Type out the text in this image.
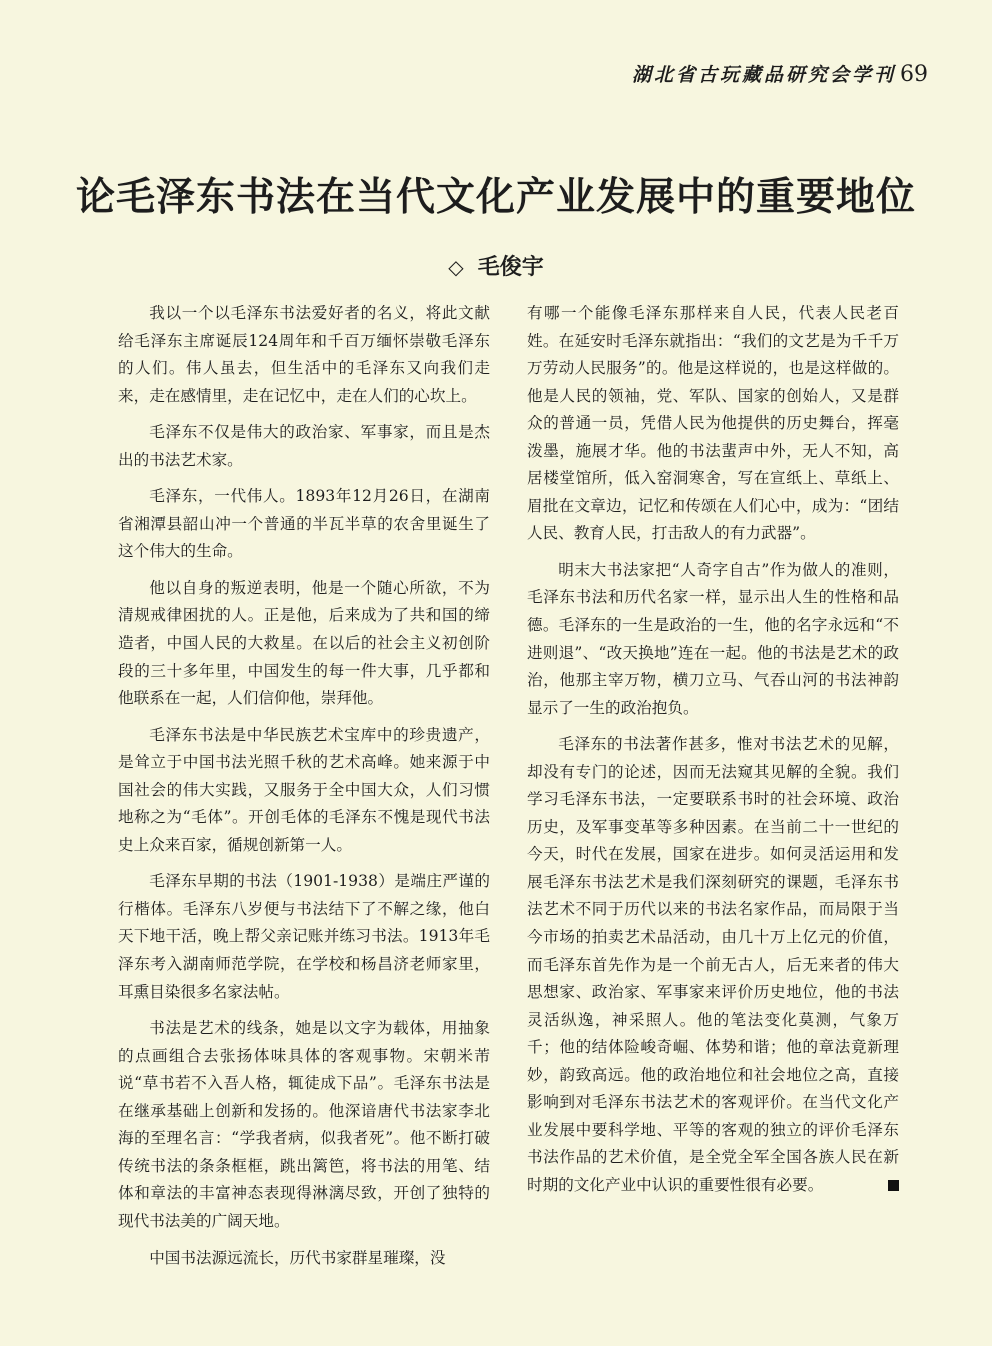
湖北省古玩藏品研究会学刊 69
论毛泽东书法在当代文化产业发展中的重要地位
◇ 毛俊宇

我以一个以毛泽东书法爱好者的名义，将此文献给毛泽东主席诞辰124周年和千百万缅怀崇敬毛泽东的人们。伟人虽去，但生活中的毛泽东又向我们走来，走在感情里，走在记忆中，走在人们的心坎上。

毛泽东不仅是伟大的政治家、军事家，而且是杰出的书法艺术家。

毛泽东，一代伟人。1893年12月26日，在湖南省湘潭县韶山冲一个普通的半瓦半草的农舍里诞生了这个伟大的生命。

他以自身的叛逆表明，他是一个随心所欲，不为清规戒律困扰的人。正是他，后来成为了共和国的缔造者，中国人民的大救星。在以后的社会主义初创阶段的三十多年里，中国发生的每一件大事，几乎都和他联系在一起，人们信仰他，崇拜他。

毛泽东书法是中华民族艺术宝库中的珍贵遗产，是耸立于中国书法光照千秋的艺术高峰。她来源于中国社会的伟大实践，又服务于全中国大众，人们习惯地称之为“毛体”。开创毛体的毛泽东不愧是现代书法史上众来百家，循规创新第一人。

毛泽东早期的书法（1901-1938）是端庄严谨的行楷体。毛泽东八岁便与书法结下了不解之缘，他白天下地干活，晚上帮父亲记账并练习书法。1913年毛泽东考入湖南师范学院，在学校和杨昌济老师家里，耳熏目染很多名家法帖。

书法是艺术的线条，她是以文字为载体，用抽象的点画组合去张扬体味具体的客观事物。宋朝米芾说“草书若不入吾人格，辄徒成下品”。毛泽东书法是在继承基础上创新和发扬的。他深谙唐代书法家李北海的至理名言：“学我者病，似我者死”。他不断打破传统书法的条条框框，跳出篱笆，将书法的用笔、结体和章法的丰富神态表现得淋漓尽致，开创了独特的现代书法美的广阔天地。

中国书法源远流长，历代书家群星璀璨，没

有哪一个能像毛泽东那样来自人民，代表人民老百姓。在延安时毛泽东就指出：“我们的文艺是为千千万万劳动人民服务”的。他是这样说的，也是这样做的。他是人民的领袖，党、军队、国家的创始人，又是群众的普通一员，凭借人民为他提供的历史舞台，挥毫泼墨，施展才华。他的书法蜚声中外，无人不知，高居楼堂馆所，低入窑洞寒舍，写在宣纸上、草纸上、眉批在文章边，记忆和传颂在人们心中，成为：“团结人民、教育人民，打击敌人的有力武器”。

明末大书法家把“人奇字自古”作为做人的准则，毛泽东书法和历代名家一样，显示出人生的性格和品德。毛泽东的一生是政治的一生，他的名字永远和“不进则退”、“改天换地”连在一起。他的书法是艺术的政治，他那主宰万物，横刀立马、气吞山河的书法神韵显示了一生的政治抱负。

毛泽东的书法著作甚多，惟对书法艺术的见解，却没有专门的论述，因而无法窥其见解的全貌。我们学习毛泽东书法，一定要联系书时的社会环境、政治历史，及军事变革等多种因素。在当前二十一世纪的今天，时代在发展，国家在进步。如何灵活运用和发展毛泽东书法艺术是我们深刻研究的课题，毛泽东书法艺术不同于历代以来的书法名家作品，而局限于当今市场的拍卖艺术品活动，由几十万上亿元的价值，而毛泽东首先作为是一个前无古人，后无来者的伟大思想家、政治家、军事家来评价历史地位，他的书法灵活纵逸，神采照人。他的笔法变化莫测，气象万千；他的结体险峻奇崛、体势和谐；他的章法竟新理妙，韵致高远。他的政治地位和社会地位之高，直接影响到对毛泽东书法艺术的客观评价。在当代文化产业发展中要科学地、平等的客观的独立的评价毛泽东书法作品的艺术价值，是全党全军全国各族人民在新时期的文化产业中认识的重要性很有必要。
